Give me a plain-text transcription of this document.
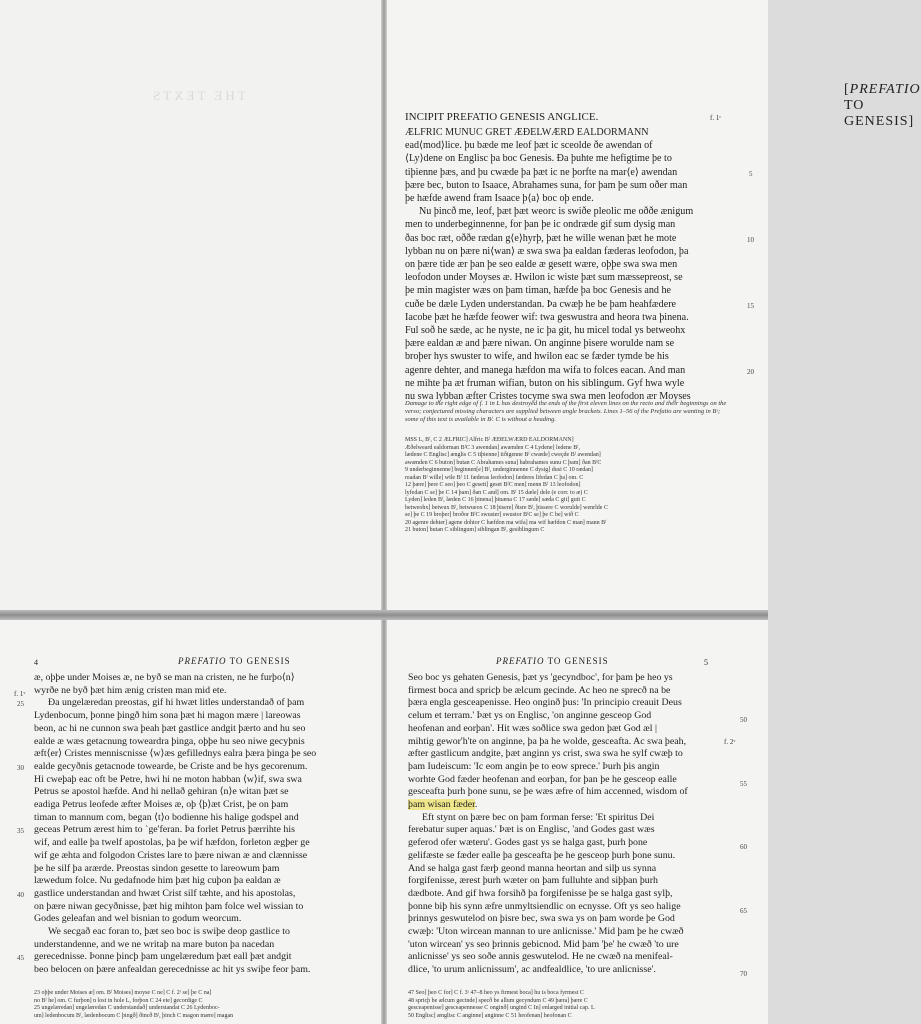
THE TEXTS	[PREFATIO TO GENESIS]
INCIPIT PREFATIO GENESIS ANGLICE.	f. 1ʳ
ÆLFRIC MUNUC GRET ÆÐELWÆRD EALDORMANN
ead⟨mod⟩lice. þu bæde me leof þæt ic sceolde ðe awendan of
⟨Ly⟩dene on Englisc þa boc Genesis. Ða þuhte me hefigtime þe to
tiþienne þæs, and þu cwæde þa þæt ic ne þorfte na mar⟨e⟩ awendan
þære bec, buton to Isaace, Abrahames suna, for þam þe sum oðer man
þe hæfde awend fram Isaace þ⟨a⟩ boc oþ ende.
Nu þincð me, leof, þæt þæt weorc is swiðe pleolic me oððe ænigum
men to underbeginnenne, for þan þe ic ondræde gif sum dysig man
ðas boc ræt, oððe rædan g⟨e⟩hyrþ, þæt he wille wenan þæt he mote
lybban nu on þære ni⟨wan⟩ æ swa swa þa ealdan fæderas leofodon, þa
on þære tide ær þan þe seo ealde æ gesett wære, oþþe swa swa men
leofodon under Moyses æ. Hwilon ic wiste þæt sum mæssepreost, se
þe min magister wæs on þam timan, hæfde þa boc Genesis and he
cuðe be dæle Lyden understandan. Þa cwæþ he be þam heahfæderе
Iacobe þæt he hæfde feower wif: twa geswustra and heora twa þinena.
Ful soð he sæde, ac he nyste, ne ic þa git, hu micel todal ys betweohx
þære ealdan æ and þære niwan. On anginne þisere worulde nam se
broþer hys swuster to wife, and hwilon eac se fæder tymde be his
agenre dehter, and manega hæfdon ma wifa to folces eacan. And man
ne mihte þa æt fruman wifian, buton on his siblingum. Gyf hwa wyle
nu swa lybban æfter Cristes tocyme swa swa men leofodon ær Moyses
5
10
15
20
Damage to the right edge of f. 1 in L has destroyed the ends of the first eleven lines on the recto and their beginnings on the verso; conjectured missing characters are supplied between angle brackets. Lines 1–56 of the Prefatio are wanting in Bᶜ; some of this text is available in Bᶠ. C is without a heading.
MSS L, Bᶠ, C 2 ÆLFRIC] Alfric Bᶠ ÆÐELWÆRD EALDORMANN]
Æðelweard ealdorman BᶠC 3 awendan] awænden C 4 Lydene] ledene Bᶠ,
lædene C Englisc] ænglis C 5 tiþienne] tiðigenne Bᶠ cwæde] cweçde Bᶠ awendan]
awænden C 6 buton] butan C Abrahames suna] habrahames sunu C þam] ðan BᶠC
9 underbeginnenne] beginnen[e] Bᶠ, underginnenne C dysig] dusi C 10 rædan]
readan Bᶠ wille] wile Bᶠ 11 fæderas leofodon] fæderes lifedan C þa] om. C
12 þære] þere C seo] þeo C gesett] geset BᶠC men] menn Bᶠ 13 leofodon]
lyfedan C se] þe C 14 þam] ðan C and] om. Bᶠ 15 dæle] dele (e corr. to æ) C
Lyden] leden Bᶠ, læden C 16 þinena] þinæna C 17 sæde] sæda C git] guit C
betweohx] betwux Bᶠ, betwueox C 18 þisere] ðisre Bᶠ, þissere C worulde] wenrlde C
se] þe C 19 broþer] broðor BᶠC swuster] swustor BᶠC se] þe C be] wið C
20 agenre dehter] agene dohtor C hæfdon ma wifa] ma wif hæfdon C man] mann Bᶠ
21 buton] butan C siblingum] siblingan Bᶠ, gesiblingum C
4	PREFATIO TO GENESIS
f. 1ᵛ
æ, oþþe under Moises æ, ne byð se man na cristen, ne he furþo⟨n⟩
wyrðe ne byð þæt him ænig cristen man mid ete.
Ða ungelæredan preostas, gif hi hwæt litles understandað of þam
Lydenbocum, þonne þingð him sona þæt hi magon mære | lareowas
beon, ac hi ne cunnon swa þeah þæt gastlice andgit þærto and hu seo
ealde æ wæs getacnung toweardra þinga, oþþe hu seo niwe gecyþnis
æft⟨er⟩ Cristes mennisсnisse ⟨w⟩æs gefillednys ealra þæra þinga þe seo
ealde gecyðnis getacnode towearde, be Criste and be hys gecorenum.
Hi cweþaþ eac oft be Petre, hwi hi ne moton habban ⟨w⟩if, swa swa
Petrus se apostol hæfde. And hi nellað gehiran ⟨n⟩e witan þæt se
eadiga Petrus leofede æfter Moises æ, oþ ⟨þ⟩æt Crist, þe on þam
timan to mannum com, began ⟨t⟩o bodienne his halige godspel and
geceas Petrum ærest him to `ge'feran. Þa forlet Petrus þærrihte his
wif, and ealle þa twelf apostolas, þa þe wif hæfdon, forleton ægþer ge
wif ge æhta and folgodon Cristes lare to þære niwan æ and clænnisse
þe he silf þa arærde. Preostas sindon gesette to lareowum þam
læwedum folce. Nu gedafnode him þæt hig cuþon þa ealdan æ
gastlice understandan and hwæt Crist silf tæhte, and his apostolas,
on þære niwan gecyðnisse, þæt hig mihton þam folce wel wissian to
Godes geleafan and wel bisnian to godum weorcum.
We secgað eac foran to, þæt seo boc is swiþe deop gastlice to
understandenne, and we ne writaþ na mare buton þa nacedan
gerecednisse. Þonne þincþ þam ungelæredum þæt eall þæt andgit
beo belocen on þære anfealdan gerecednisse ac hit ys swiþe feor þam.
25
30
35
40
45
23 oþþe under Moises æ] om. Bᶠ Moises] moyse C ne] C f. 2ʳ se] þe C na]
no Bᶠ he] om. C furþon] n lost in hole L, forþon C 24 ete] gecordige C
25 ungelæredan] ungelæredan C understandað] understandat C 26 Lydenboc-
um] ledenbocum Bᶠ, lædenbocum C þingð] ðincð Bᶠ, þinch C magon mære] magan
PREFATIO TO GENESIS	5
f. 2ᵛ
Seo boc ys gehaten Genesis, þæt ys 'gecyndboc', for þam þe heo ys
firmest boca and spricþ be ælcum gecinde. Ac heo ne sprecð na be
þæra engla gesceapenisse. Heo onginð þus: 'In principio creauit Deus
celum et terram.' Þæt ys on Englisc, 'on anginne gesceop God
heofenan and eorþan'. Hit wæs soðlice swa gedon þæt God æl |
mihtig gewor'h'te on anginne, þa þa he wolde, gesceafta. Ac swa þeah,
æfter gastlicum andgite, þæt anginn ys crist, swa swa he sylf cwæþ to
þam Iudeiscum: 'Ic eom angin þe to eow sprece.' Þurh þis angin
worhte God fæder heofenan and eorþan, for þan þe he gesceop ealle
gesceafta þurh þone sunu, se þe wæs æfre of him accenned, wisdom of
þam wisan fæder.
Eft stynt on þære bec on þam forman ferse: 'Et spiritus Dei
ferebatur super aquas.' Þæt is on Englisc, 'and Godes gast wæs
geferod ofer wæteru'. Godes gast ys se halga gast, þurh þone
gelifæste se fæder ealle þa gesceafta þe he gesceop þurh þone sunu.
And se halga gast færþ geond manna heortan and silþ us synna
forgifenisse, ærest þurh wæter on þam fulluhte and siþþan þurh
dædbote. And gif hwa forsihð þa forgifenisse þe se halga gast sylþ,
þonne biþ his synn æfre unmyltsiendlic on ecnysse. Oft ys seo halige
þrinnys geswutelod on þisre bec, swa swa ys on þam worde þe God
cwæþ: 'Uton wircean mannan to ure anlicnisse.' Mid þam þe he cwæð
'uton wircean' ys seo þrinnis gebicnod. Mid þam 'þe' he cwæð 'to ure
anlicnisse' ys seo soðe annis geswutelod. He ne cwæð na menifeal-
dlice, 'to urum anlicnissum', ac andfealdlice, 'to ure anlicnisse'.
50
55
60
65
70
47 Seo] þeo C for] C f. 3ʳ 47–8 heo ys firmest boca] hu is boca fyrmest C
48 spricþ be ælcum gecinde] specð be allum gecyndum C 49 þæra] þære C
gesceapenisse] gesceapennesse C onginð] ungind C In] enlarged initial cap. L
50 Englisc] ænglisc C anginne] anginne C 51 heofenan] heofonan C
